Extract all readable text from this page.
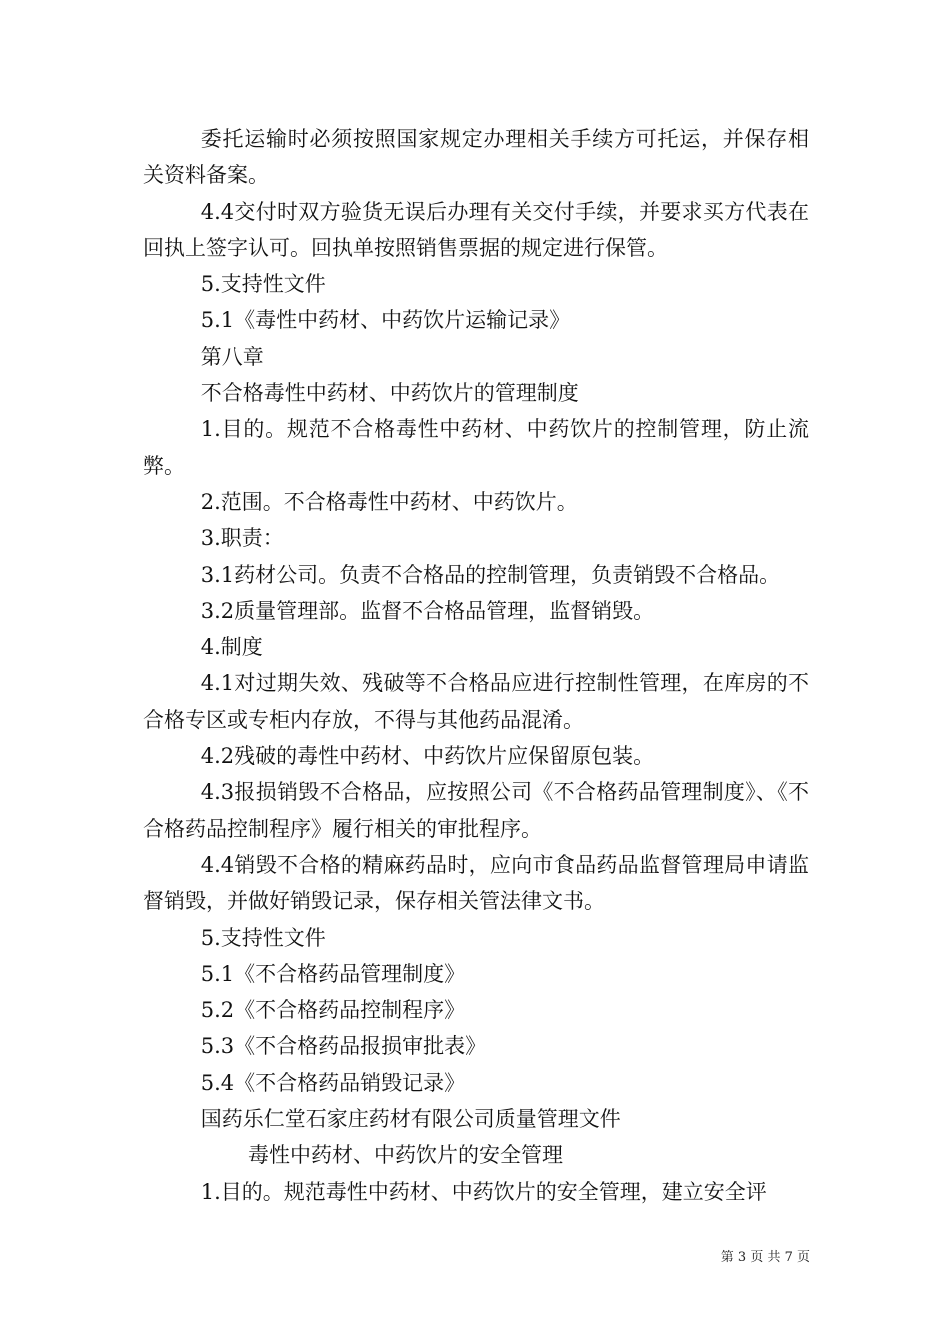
委托运输时必须按照国家规定办理相关手续方可托运，并保存相关资料备案。

4.4交付时双方验货无误后办理有关交付手续，并要求买方代表在回执上签字认可。回执单按照销售票据的规定进行保管。

5.支持性文件

5.1《毒性中药材、中药饮片运输记录》

第八章

不合格毒性中药材、中药饮片的管理制度

1.目的。规范不合格毒性中药材、中药饮片的控制管理，防止流弊。

2.范围。不合格毒性中药材、中药饮片。

3.职责：

3.1药材公司。负责不合格品的控制管理，负责销毁不合格品。

3.2质量管理部。监督不合格品管理，监督销毁。

4.制度

4.1对过期失效、残破等不合格品应进行控制性管理，在库房的不合格专区或专柜内存放，不得与其他药品混淆。

4.2残破的毒性中药材、中药饮片应保留原包装。

4.3报损销毁不合格品，应按照公司《不合格药品管理制度》、《不合格药品控制程序》履行相关的审批程序。

4.4销毁不合格的精麻药品时，应向市食品药品监督管理局申请监督销毁，并做好销毁记录，保存相关管法律文书。

5.支持性文件

5.1《不合格药品管理制度》

5.2《不合格药品控制程序》

5.3《不合格药品报损审批表》

5.4《不合格药品销毁记录》

国药乐仁堂石家庄药材有限公司质量管理文件

毒性中药材、中药饮片的安全管理

1.目的。规范毒性中药材、中药饮片的安全管理，建立安全评

第 3 页 共 7 页
